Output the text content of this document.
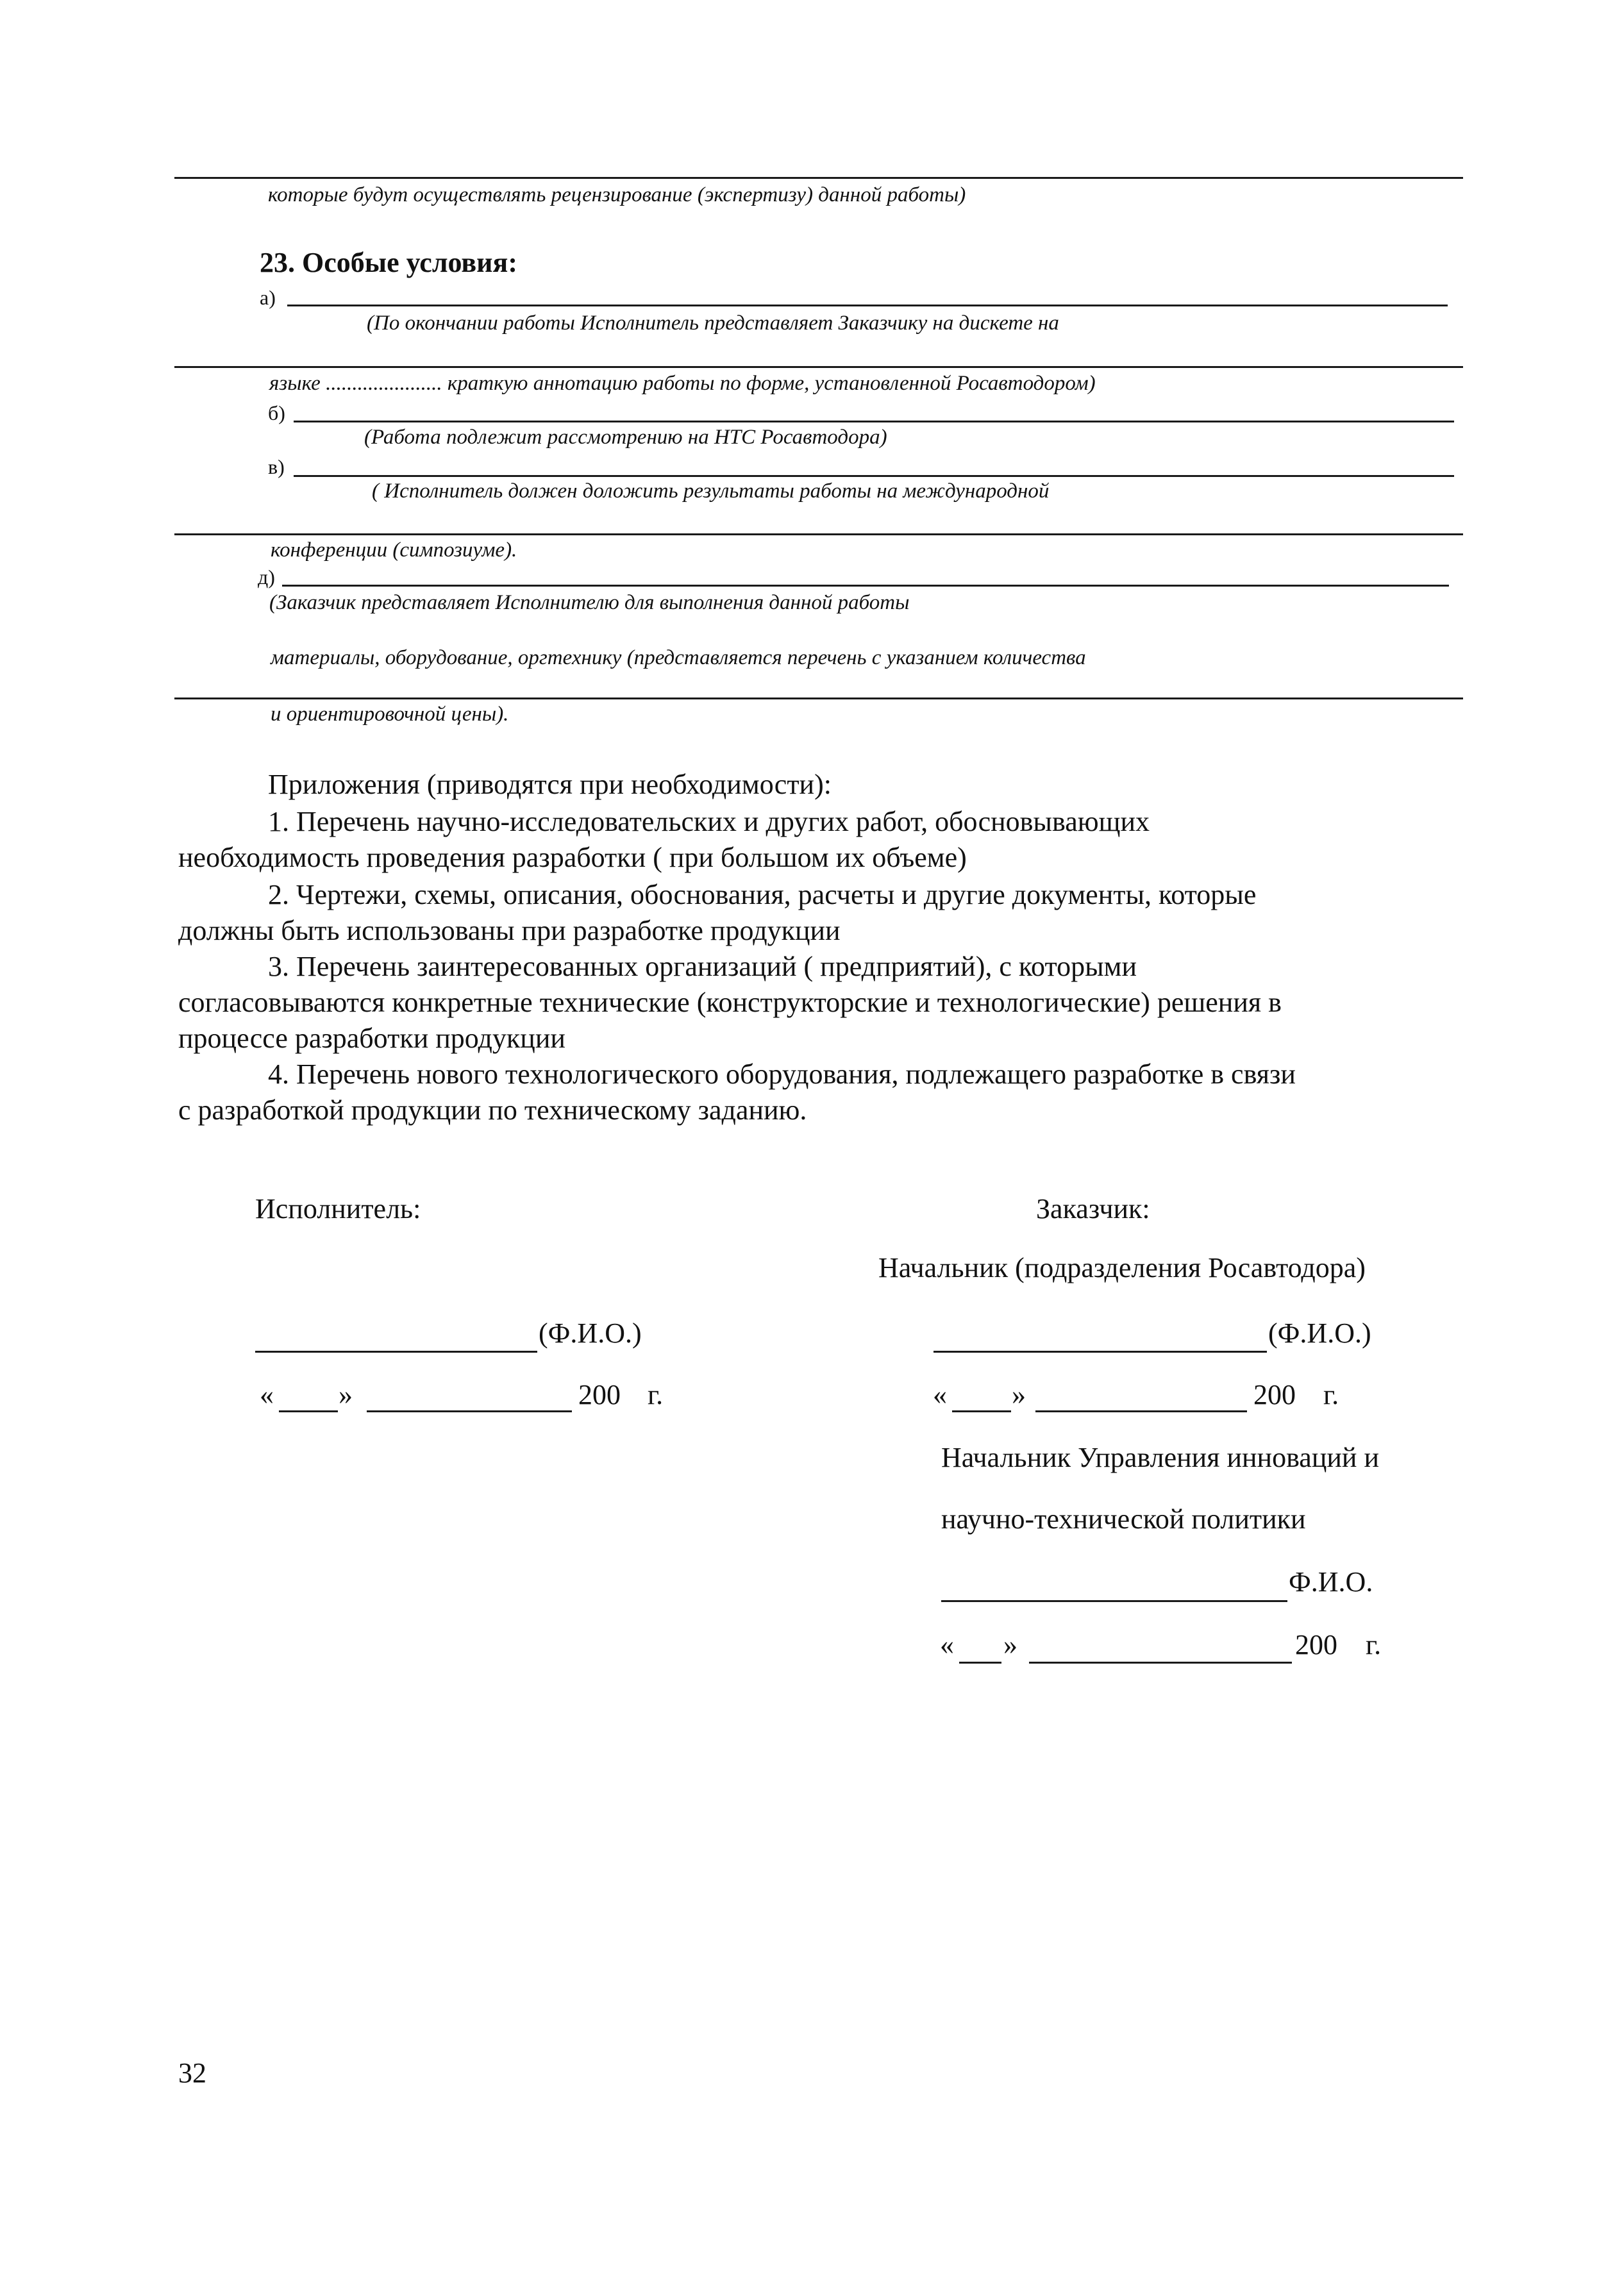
которые будут осуществлять рецензирование (экспертизу) данной работы)
23. Особые условия:
а)
(По окончании работы Исполнитель представляет Заказчику на дискете на
языке ...................... краткую аннотацию работы по форме, установленной Росавтодором)
б)
(Работа подлежит рассмотрению на НТС Росавтодора)
в)
( Исполнитель должен доложить результаты работы на международной
конференции (симпозиуме).
д)
(Заказчик представляет Исполнителю для выполнения данной работы
материалы, оборудование, оргтехнику (представляется перечень с указанием количества
и ориентировочной цены).
Приложения (приводятся при необходимости):
1. Перечень научно-исследовательских и других работ, обосновывающих
необходимость проведения разработки ( при большом их объеме)
2. Чертежи, схемы, описания, обоснования, расчеты и другие документы, которые
должны быть использованы при разработке продукции
3. Перечень заинтересованных организаций ( предприятий), с которыми
согласовываются конкретные технические (конструкторские и технологические) решения в
процессе разработки продукции
4. Перечень нового технологического оборудования, подлежащего разработке в связи
с разработкой продукции по техническому заданию.
Исполнитель:
(Ф.И.О.)
« »	200 г.
Заказчик:
Начальник (подразделения Росавтодора)
(Ф.И.О.)
« »	200 г.
Начальник Управления инноваций и
научно-технической политики
Ф.И.О.
« »	200 г.
32
